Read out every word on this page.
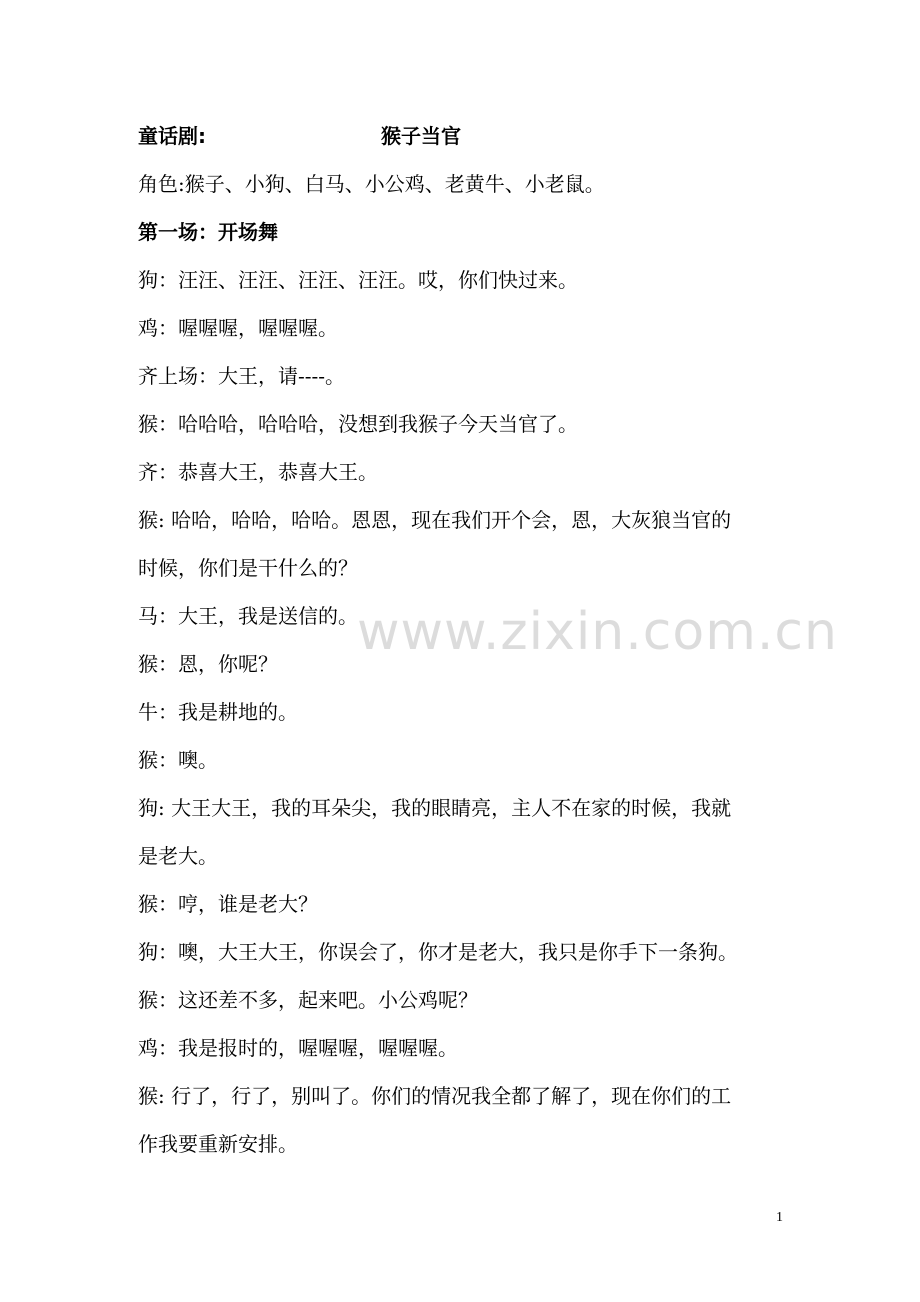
童话剧:	猴子当官
角色:猴子、小狗、白马、小公鸡、老黄牛、小老鼠。
第一场：开场舞
狗：汪汪、汪汪、汪汪、汪汪。哎，你们快过来。
鸡：喔喔喔，喔喔喔。
齐上场：大王，请----。
猴：哈哈哈，哈哈哈，没想到我猴子今天当官了。
齐：恭喜大王，恭喜大王。
猴: 哈哈，哈哈，哈哈。恩恩，现在我们开个会，恩，大灰狼当官的
时候，你们是干什么的？
马：大王，我是送信的。
猴：恩，你呢？
牛：我是耕地的。
猴：噢。
狗: 大王大王，我的耳朵尖，我的眼睛亮，主人不在家的时候，我就
是老大。
猴：哼，谁是老大？
狗：噢，大王大王，你误会了，你才是老大，我只是你手下一条狗。
猴：这还差不多，起来吧。小公鸡呢？
鸡：我是报时的，喔喔喔，喔喔喔。
猴: 行了，行了，别叫了。你们的情况我全都了解了，现在你们的工
作我要重新安排。
www.zixin.com.cn
1
